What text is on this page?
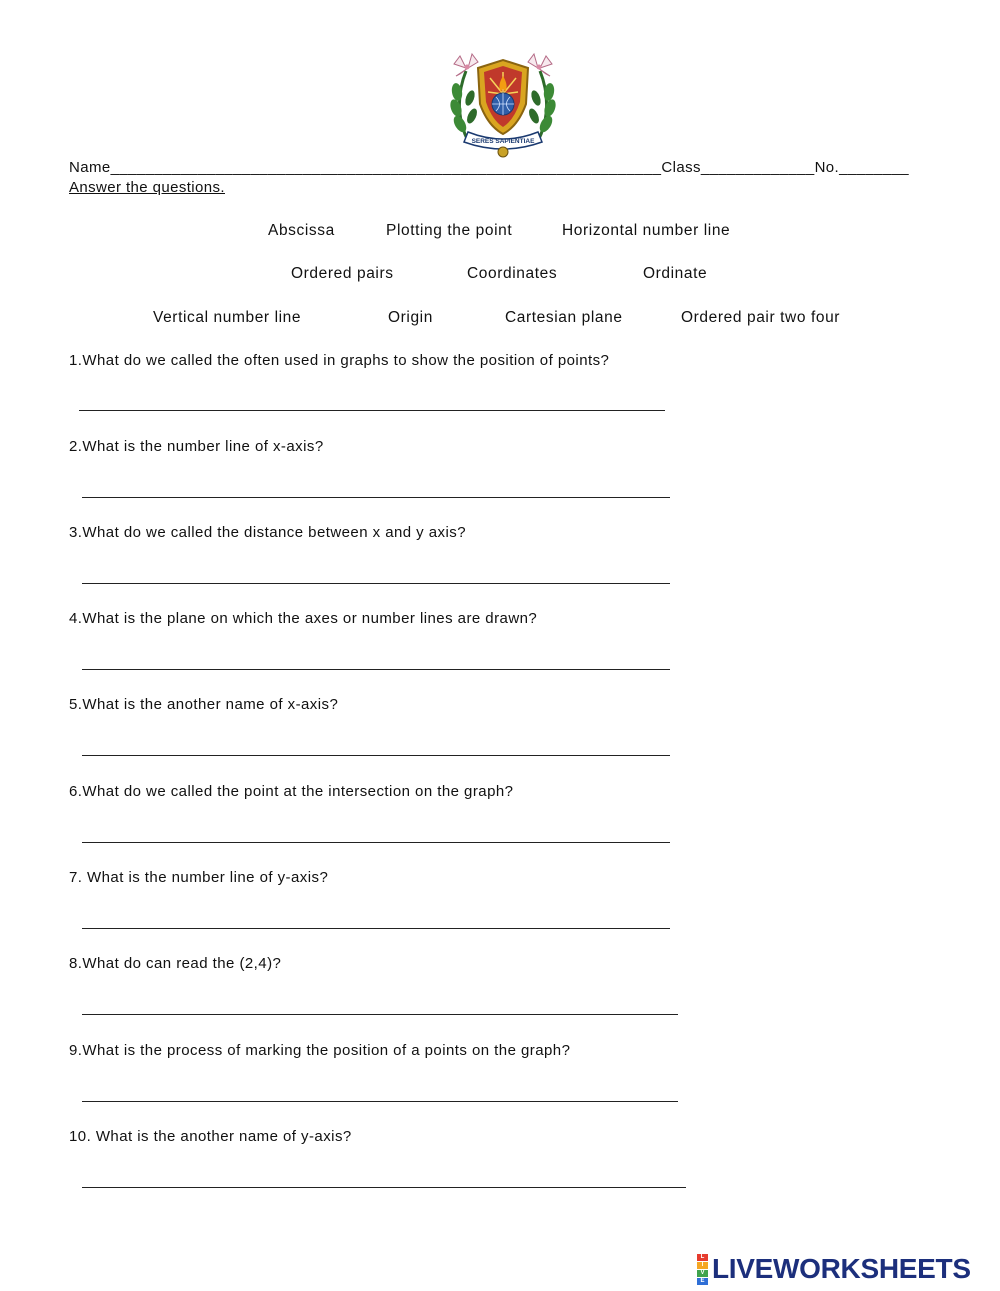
SERES SAPIENTIAE
Name_______________________________________________________________Class_____________No.________
Answer the questions.
Abscissa	Plotting the point	Horizontal number line
Ordered pairs	Coordinates	Ordinate
Vertical number line	Origin	Cartesian plane	Ordered pair two four
1.What do we called the often used in graphs to show the position of points?
2.What is the number line of x-axis?
3.What do we called the distance between x and y axis?
4.What is the plane on which the axes or number lines are drawn?
5.What is the another name of x-axis?
6.What do we called the point at the intersection on the graph?
7. What is the number line of y-axis?
8.What do can read the (2,4)?
9.What is the process of marking the position of a points on the graph?
10. What is the another name of y-axis?
L
I
V
E LIVEWORKSHEETS
